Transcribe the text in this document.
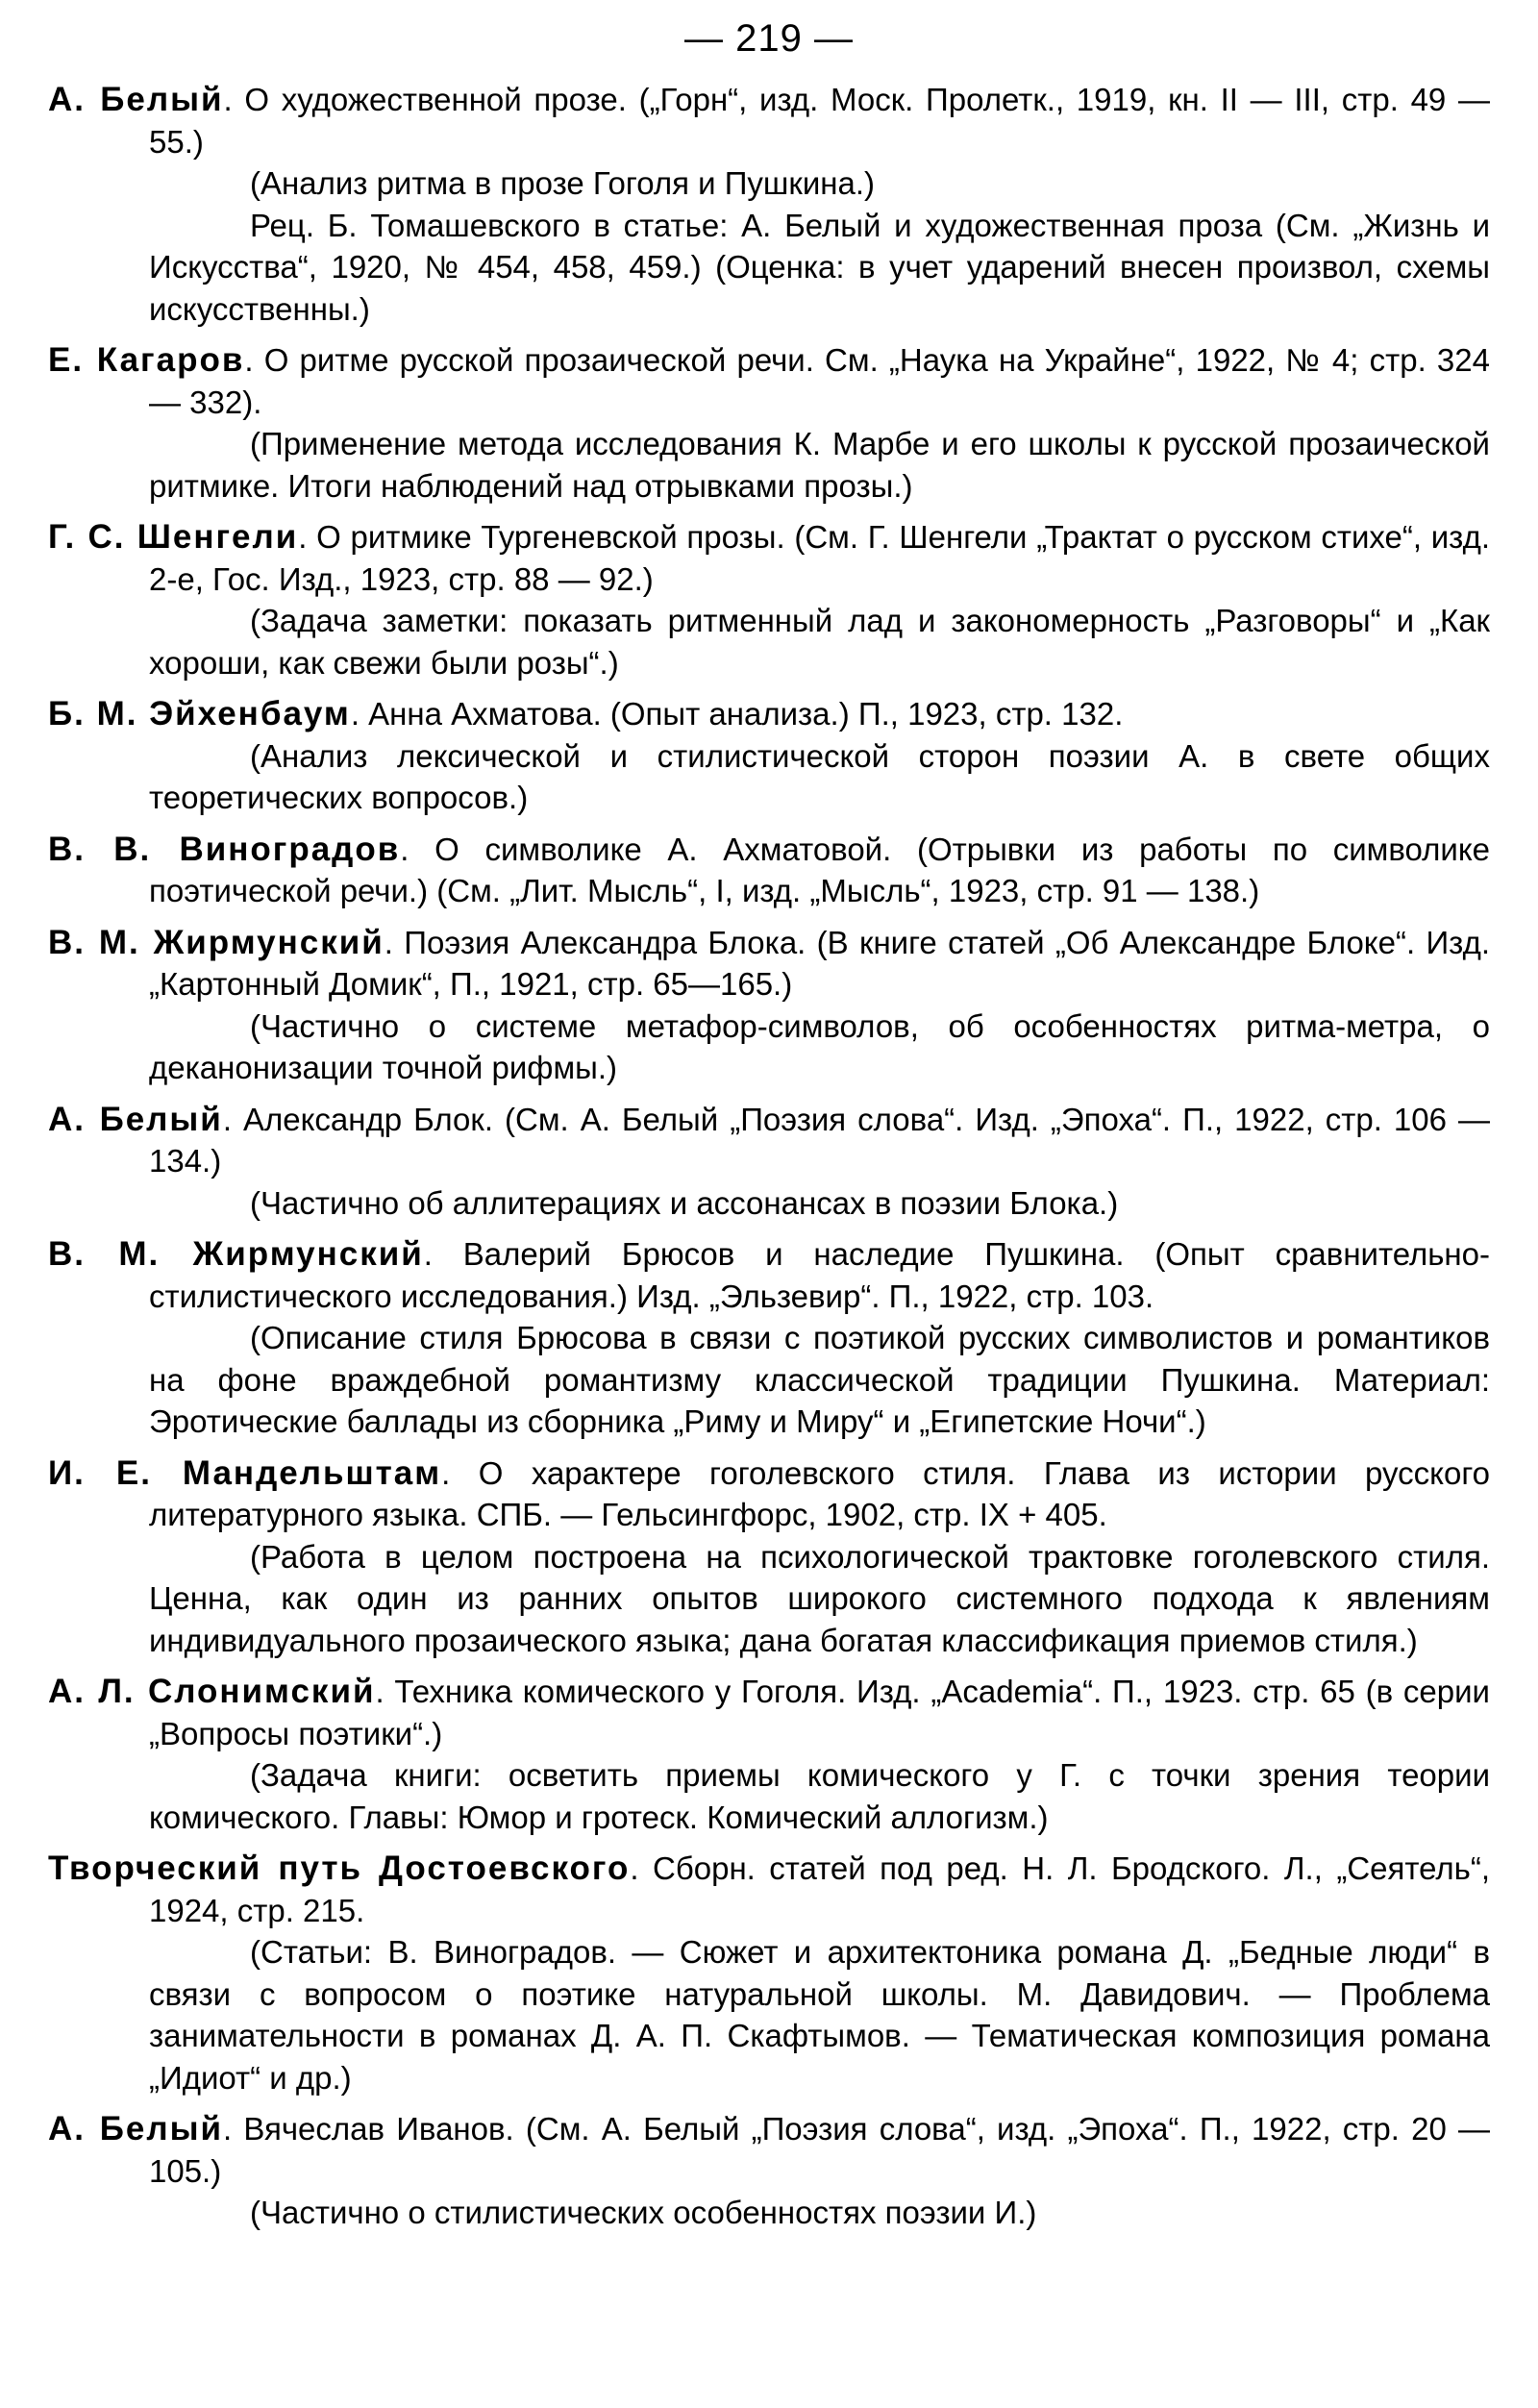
— 219 —

А. Белый. О художественной прозе. („Горн“, изд. Моск. Пролетк., 1919, кн. II — III, стр. 49 — 55.)

(Анализ ритма в прозе Гоголя и Пушкина.)

Рец. Б. Томашевского в статье: А. Белый и художественная проза (См. „Жизнь и Искусства“, 1920, № 454, 458, 459.) (Оценка: в учет ударений внесен произвол, схемы искусственны.)

Е. Кагаров. О ритме русской прозаической речи. См. „Наука на Украйне“, 1922, № 4; стр. 324 — 332).

(Применение метода исследования К. Марбе и его школы к русской прозаической ритмике. Итоги наблюдений над отрывками прозы.)

Г. С. Шенгели. О ритмике Тургеневской прозы. (См. Г. Шенгели „Трактат о русском стихе“, изд. 2-е, Гос. Изд., 1923, стр. 88 — 92.)

(Задача заметки: показать ритменный лад и закономерность „Разговоры“ и „Как хороши, как свежи были розы“.)

Б. М. Эйхенбаум. Анна Ахматова. (Опыт анализа.) П., 1923, стр. 132.

(Анализ лексической и стилистической сторон поэзии А. в свете общих теоретических вопросов.)

В. В. Виноградов. О символике А. Ахматовой. (Отрывки из работы по символике поэтической речи.) (См. „Лит. Мысль“, I, изд. „Мысль“, 1923, стр. 91 — 138.)

В. М. Жирмунский. Поэзия Александра Блока. (В книге статей „Об Александре Блоке“. Изд. „Картонный Домик“, П., 1921, стр. 65—165.)

(Частично о системе метафор-символов, об особенностях ритма-метра, о деканонизации точной рифмы.)

А. Белый. Александр Блок. (См. А. Белый „Поэзия слова“. Изд. „Эпоха“. П., 1922, стр. 106 — 134.)

(Частично об аллитерациях и ассонансах в поэзии Блока.)

В. М. Жирмунский. Валерий Брюсов и наследие Пушкина. (Опыт сравнительно-стилистического исследования.) Изд. „Эльзевир“. П., 1922, стр. 103.

(Описание стиля Брюсова в связи с поэтикой русских символистов и романтиков на фоне враждебной романтизму классической традиции Пушкина. Материал: Эротические баллады из сборника „Риму и Миру“ и „Египетские Ночи“.)

И. Е. Мандельштам. О характере гоголевского стиля. Глава из истории русского литературного языка. СПБ. — Гельсингфорс, 1902, стр. IX + 405.

(Работа в целом построена на психологической трактовке гоголевского стиля. Ценна, как один из ранних опытов широкого системного подхода к явлениям индивидуального прозаического языка; дана богатая классификация приемов стиля.)

А. Л. Слонимский. Техника комического у Гоголя. Изд. „Academia“. П., 1923. стр. 65 (в серии „Вопросы поэтики“.)

(Задача книги: осветить приемы комического у Г. с точки зрения теории комического. Главы: Юмор и гротеск. Комический аллогизм.)

Творческий путь Достоевского. Сборн. статей под ред. Н. Л. Бродского. Л., „Сеятель“, 1924, стр. 215.

(Статьи: В. Виноградов. — Сюжет и архитектоника романа Д. „Бедные люди“ в связи с вопросом о поэтике натуральной школы. М. Давидович. — Проблема занимательности в романах Д. А. П. Скафтымов. — Тематическая композиция романа „Идиот“ и др.)

А. Белый. Вячеслав Иванов. (См. А. Белый „Поэзия слова“, изд. „Эпоха“. П., 1922, стр. 20 — 105.)

(Частично о стилистических особенностях поэзии И.)
